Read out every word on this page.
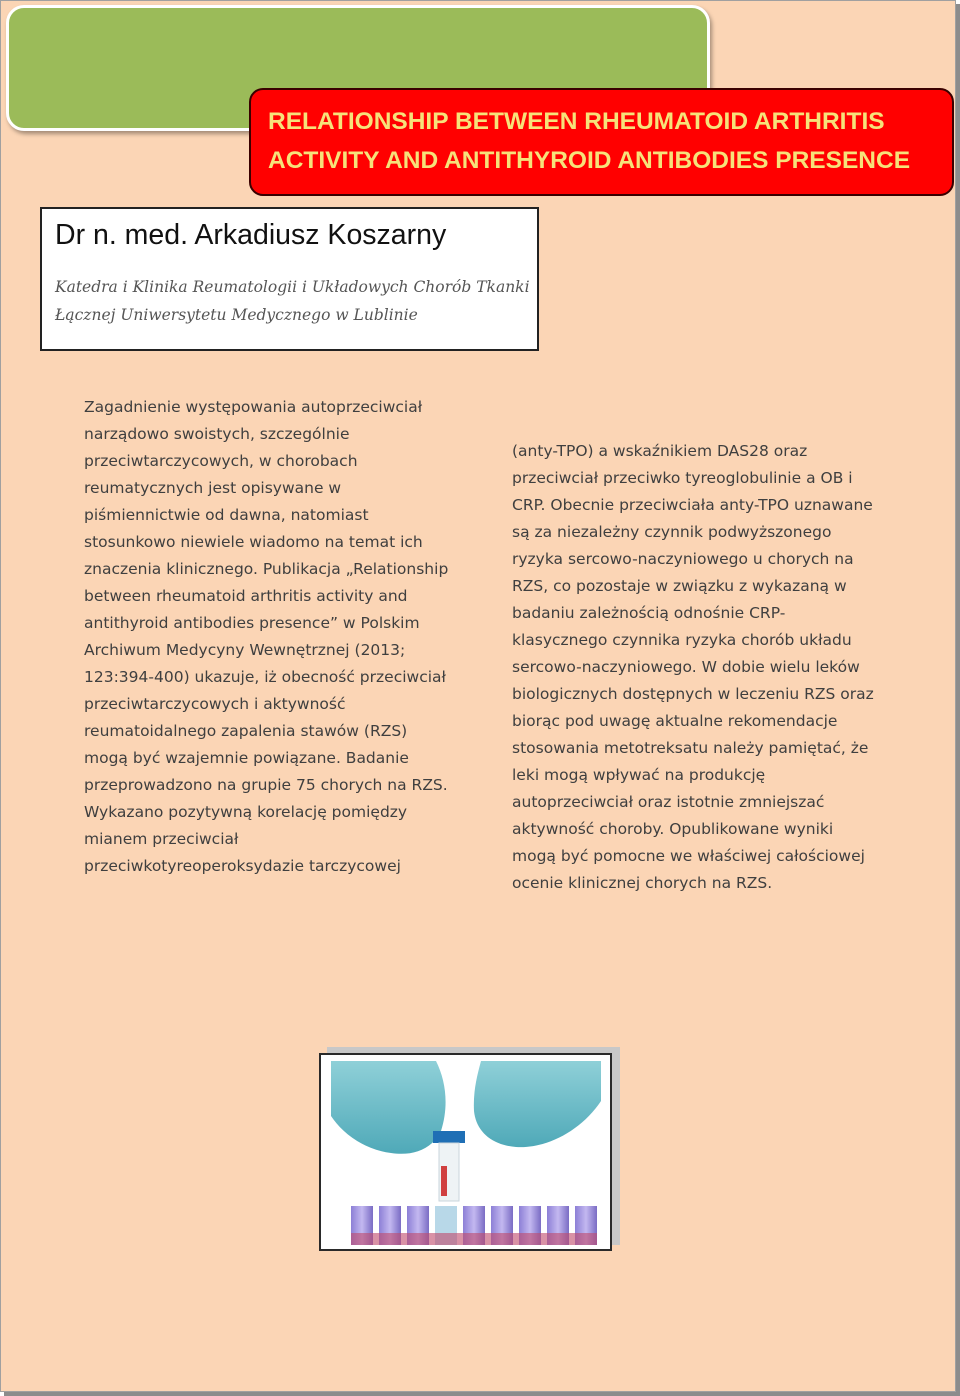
RELATIONSHIP BETWEEN RHEUMATOID ARTHRITIS
ACTIVITY AND ANTITHYROID ANTIBODIES PRESENCE
Dr n. med. Arkadiusz Koszarny
Katedra i Klinika Reumatologii i Układowych Chorób Tkanki
Łącznej Uniwersytetu Medycznego w Lublinie
Zagadnienie występowania autoprzeciwciał
narządowo swoistych, szczególnie
przeciwtarczycowych, w chorobach
reumatycznych jest opisywane w
piśmiennictwie od dawna, natomiast
stosunkowo niewiele wiadomo na temat ich
znaczenia klinicznego. Publikacja „Relationship
between rheumatoid arthritis activity and
antithyroid antibodies presence” w Polskim
Archiwum Medycyny Wewnętrznej (2013;
123:394-400) ukazuje, iż obecność przeciwciał
przeciwtarczycowych i aktywność
reumatoidalnego zapalenia stawów (RZS)
mogą być wzajemnie powiązane. Badanie
przeprowadzono na grupie 75 chorych na RZS.
Wykazano pozytywną korelację pomiędzy
mianem przeciwciał
przeciwkotyreoperoksydazie tarczycowej
(anty-TPO) a wskaźnikiem DAS28 oraz
przeciwciał przeciwko tyreoglobulinie a OB i
CRP. Obecnie przeciwciała anty-TPO uznawane
są za niezależny czynnik podwyższonego
ryzyka sercowo-naczyniowego u chorych na
RZS, co pozostaje w związku z wykazaną w
badaniu zależnością odnośnie CRP-
klasycznego czynnika ryzyka chorób układu
sercowo-naczyniowego. W dobie wielu leków
biologicznych dostępnych w leczeniu RZS oraz
biorąc pod uwagę aktualne rekomendacje
stosowania metotreksatu należy pamiętać, że
leki mogą wpływać na produkcję
autoprzeciwciał oraz istotnie zmniejszać
aktywność choroby. Opublikowane wyniki
mogą być pomocne we właściwej całościowej
ocenie klinicznej chorych na RZS.
